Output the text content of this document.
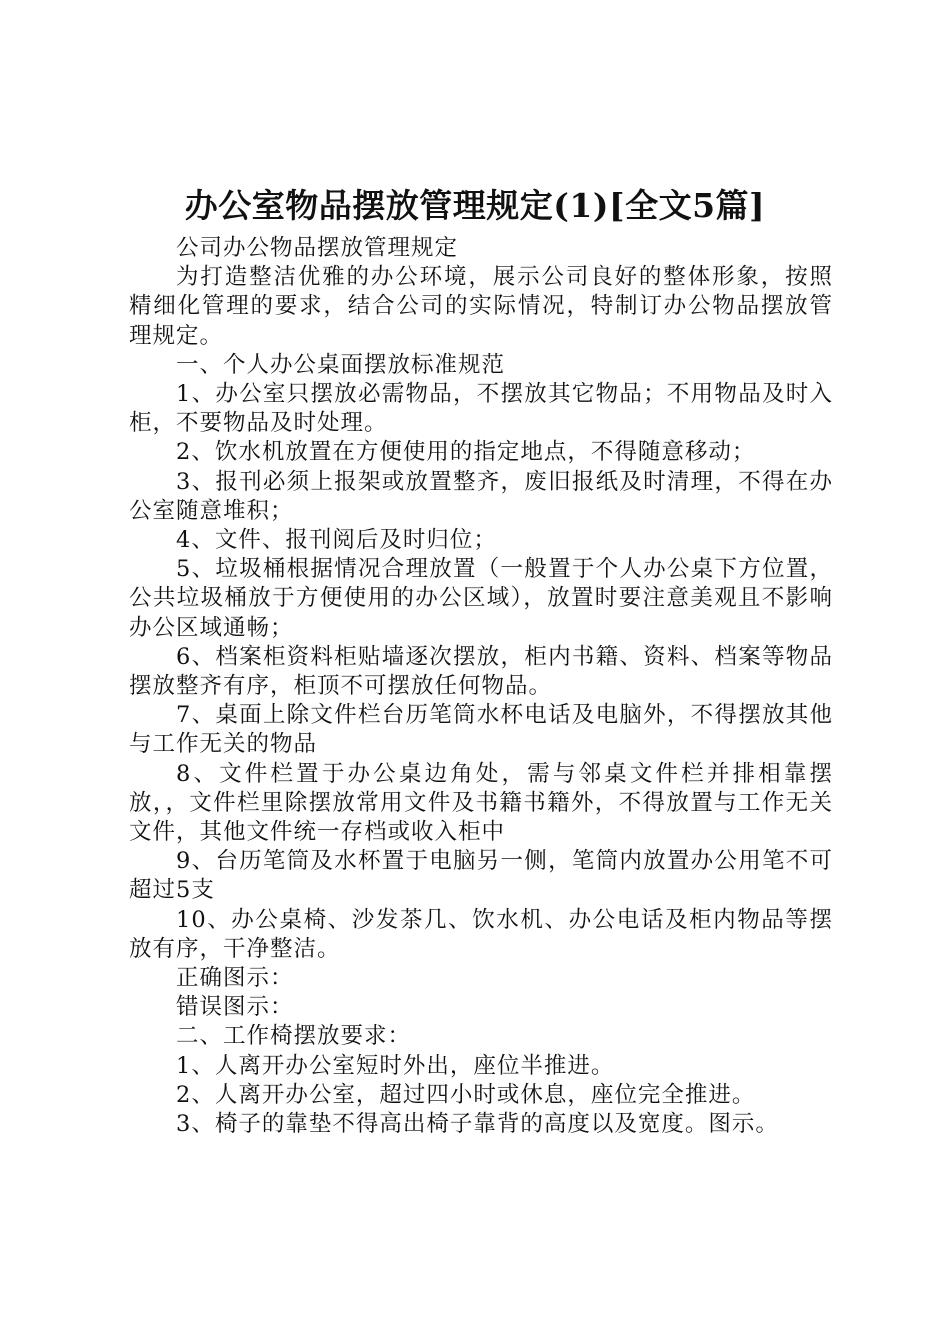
办公室物品摆放管理规定(1)[全文5篇]

公司办公物品摆放管理规定

为打造整洁优雅的办公环境，展示公司良好的整体形象，按照精细化管理的要求，结合公司的实际情况，特制订办公物品摆放管理规定。

一、个人办公桌面摆放标准规范

1、办公室只摆放必需物品，不摆放其它物品；不用物品及时入柜，不要物品及时处理。

2、饮水机放置在方便使用的指定地点，不得随意移动；

3、报刊必须上报架或放置整齐，废旧报纸及时清理，不得在办公室随意堆积；

4、文件、报刊阅后及时归位；

5、垃圾桶根据情况合理放置（一般置于个人办公桌下方位置，公共垃圾桶放于方便使用的办公区域），放置时要注意美观且不影响办公区域通畅；

6、档案柜资料柜贴墙逐次摆放，柜内书籍、资料、档案等物品摆放整齐有序，柜顶不可摆放任何物品。

7、桌面上除文件栏台历笔筒水杯电话及电脑外，不得摆放其他与工作无关的物品

8、文件栏置于办公桌边角处，需与邻桌文件栏并排相靠摆放，，文件栏里除摆放常用文件及书籍书籍外，不得放置与工作无关文件，其他文件统一存档或收入柜中

9、台历笔筒及水杯置于电脑另一侧，笔筒内放置办公用笔不可超过5支

10、办公桌椅、沙发茶几、饮水机、办公电话及柜内物品等摆放有序，干净整洁。

正确图示：

错误图示：

二、工作椅摆放要求：

1、人离开办公室短时外出，座位半推进。

2、人离开办公室，超过四小时或休息，座位完全推进。

3、椅子的靠垫不得高出椅子靠背的高度以及宽度。图示。
